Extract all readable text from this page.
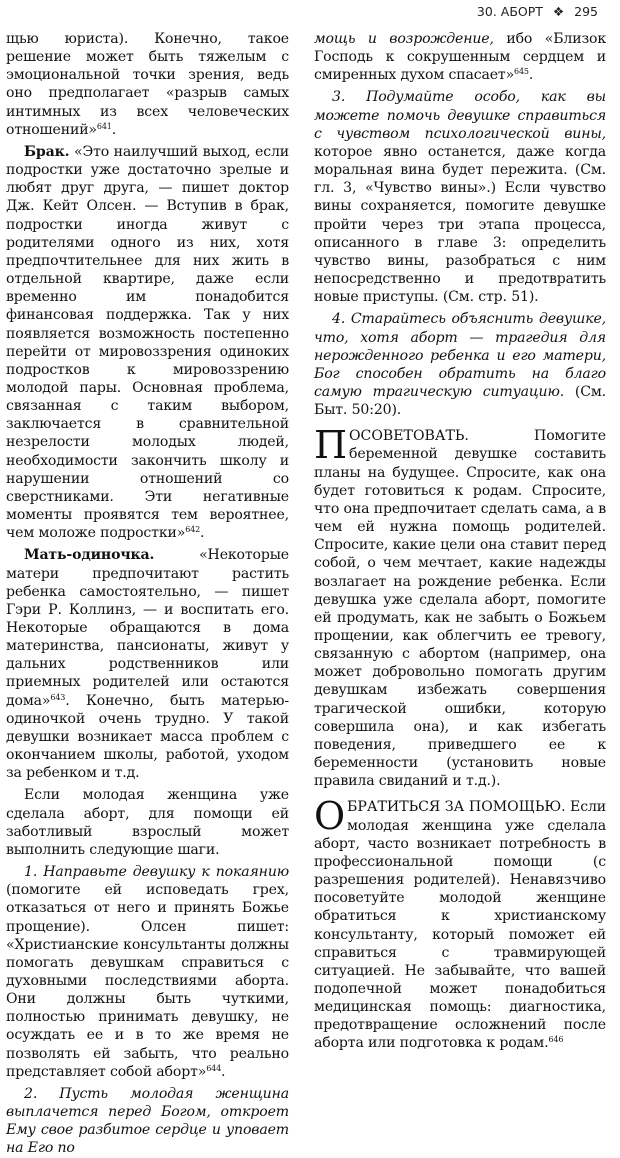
30. АБОРТ ❖ 295

щью юриста). Конечно, такое решение может быть тяжелым с эмоциональной точки зрения, ведь оно предполагает «разрыв самых интимных из всех человеческих отношений»$^{641}$.

Брак. «Это наилучший выход, если подростки уже достаточно зрелые и любят друг друга, — пишет доктор Дж. Кейт Олсен. — Вступив в брак, подростки иногда живут с родителями одного из них, хотя предпочтительнее для них жить в отдельной квартире, даже если временно им понадобится финансовая поддержка. Так у них появляется возможность постепенно перейти от мировоззрения одиноких подростков к мировоззрению молодой пары. Основная проблема, связанная с таким выбором, заключается в сравнительной незрелости молодых людей, необходимости закончить школу и нарушении отношений со сверстниками. Эти негативные моменты проявятся тем вероятнее, чем моложе подростки»$^{642}$.

Мать-одиночка. «Некоторые матери предпочитают растить ребенка самостоятельно, — пишет Гэри Р. Коллинз, — и воспитать его. Некоторые обращаются в дома материнства, пансионаты, живут у дальних родственников или приемных родителей или остаются дома»$^{643}$. Конечно, быть матерью-одиночкой очень трудно. У такой девушки возникает масса проблем с окончанием школы, работой, уходом за ребенком и т.д.

Если молодая женщина уже сделала аборт, для помощи ей заботливый взрослый может выполнить следующие шаги.

1. Направьте девушку к покаянию (помогите ей исповедать грех, отказаться от него и принять Божье прощение). Олсен пишет: «Христианские консультанты должны помогать девушкам справиться с духовными последствиями аборта. Они должны быть чуткими, полностью принимать девушку, не осуждать ее и в то же время не позволять ей забыть, что реально представляет собой аборт»$^{644}$.

2. Пусть молодая женщина выплачется перед Богом, откроет Ему свое разбитое сердце и уповает на Его по

мощь и возрождение, ибо «Близок Господь к сокрушенным сердцем и смиренных духом спасает»$^{645}$.

3. Подумайте особо, как вы можете помочь девушке справиться с чувством психологической вины, которое явно останется, даже когда моральная вина будет пережита. (См. гл. 3, «Чувство вины».) Если чувство вины сохраняется, помогите девушке пройти через три этапа процесса, описанного в главе 3: определить чувство вины, разобраться с ним непосредственно и предотвратить новые приступы. (См. стр. 51).

4. Старайтесь объяснить девушке, что, хотя аборт — трагедия для нерожденного ребенка и его матери, Бог способен обратить на благо самую трагическую ситуацию. (См. Быт. 50:20).

ПОСОВЕТОВАТЬ. Помогите беременной девушке составить планы на будущее. Спросите, как она будет готовиться к родам. Спросите, что она предпочитает сделать сама, а в чем ей нужна помощь родителей. Спросите, какие цели она ставит перед собой, о чем мечтает, какие надежды возлагает на рождение ребенка. Если девушка уже сделала аборт, помогите ей продумать, как не забыть о Божьем прощении, как облегчить ее тревогу, связанную с абортом (например, она может добровольно помогать другим девушкам избежать совершения трагической ошибки, которую совершила она), и как избегать поведения, приведшего ее к беременности (установить новые правила свиданий и т.д.).

ОБРАТИТЬСЯ ЗА ПОМОЩЬЮ. Если молодая женщина уже сделала аборт, часто возникает потребность в профессиональной помощи (с разрешения родителей). Ненавязчиво посоветуйте молодой женщине обратиться к христианскому консультанту, который поможет ей справиться с травмирующей ситуацией. Не забывайте, что вашей подопечной может понадобиться медицинская помощь: диагностика, предотвращение осложнений после аборта или подготовка к родам.$^{646}$
